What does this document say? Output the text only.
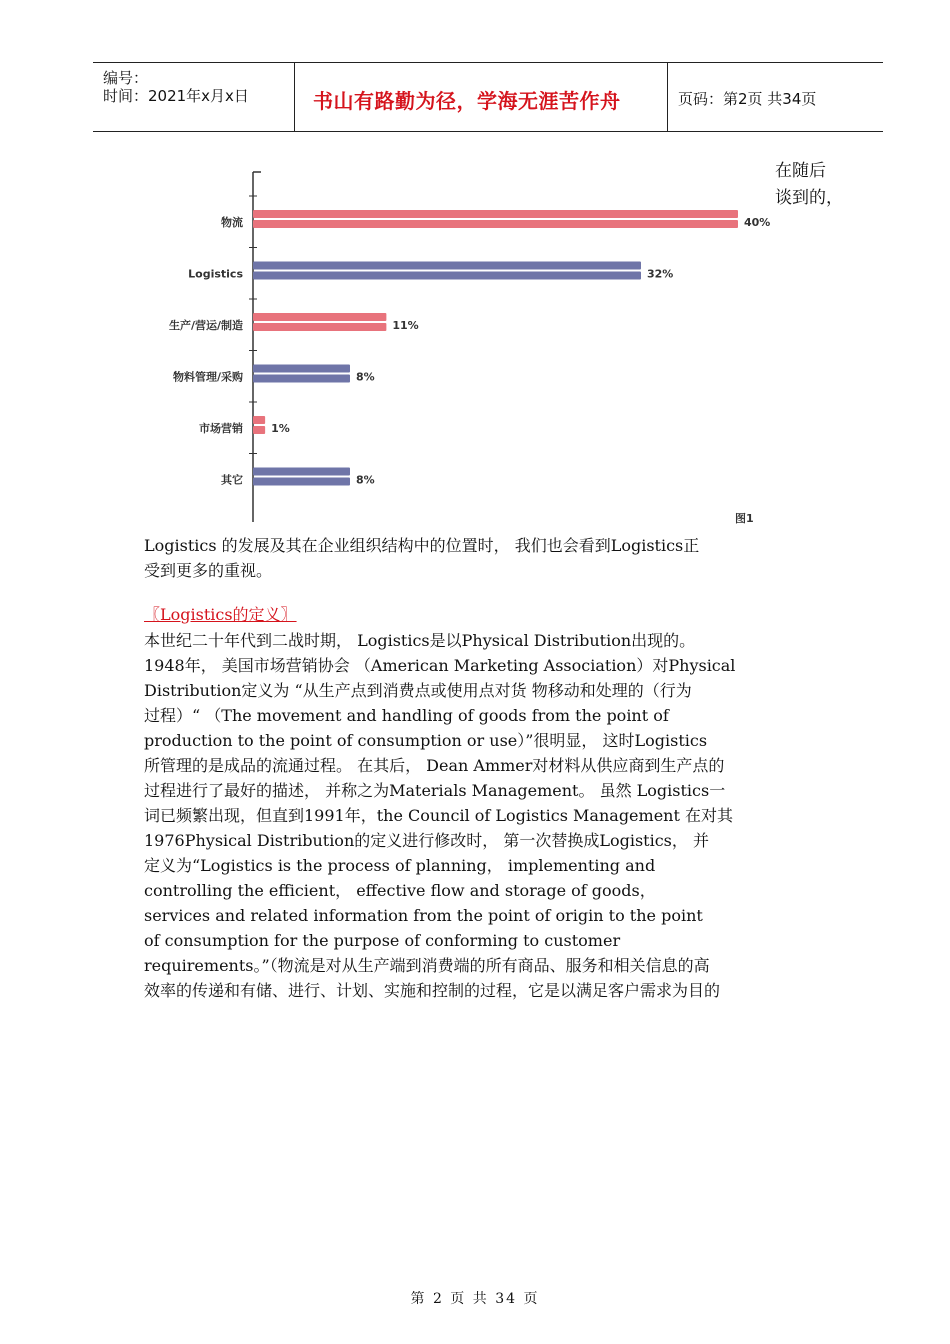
编号：
时间：2021年x月x日	书山有路勤为径，学海无涯苦作舟	页码：第2页 共34页
物流	40%
Logistics	32%
生产/营运/制造	11%
物料管理/采购	8%
市场营销	1%
其它	8%
图1
在随后
谈到的，
Logistics 的发展及其在企业组织结构中的位置时， 我们也会看到Logistics正
受到更多的重视。
〖Logistics的定义〗
本世纪二十年代到二战时期， Logistics是以Physical Distribution出现的。
1948年， 美国市场营销协会 （American Marketing Association）对Physical
Distribution定义为 “从生产点到消费点或使用点对货 物移动和处理的（行为
过程）“ （The movement and handling of goods from the point of
production to the point of consumption or use）”很明显， 这时Logistics
所管理的是成品的流通过程。 在其后， Dean Ammer对材料从供应商到生产点的
过程进行了最好的描述， 并称之为Materials Management。 虽然 Logistics一
词已频繁出现，但直到1991年，the Council of Logistics Management 在对其
1976Physical Distribution的定义进行修改时， 第一次替换成Logistics， 并
定义为“Logistics is the process of planning， implementing and
controlling the efficient， effective flow and storage of goods，
services and related information from the point of origin to the point
of consumption for the purpose of conforming to customer
requirements。”（物流是对从生产端到消费端的所有商品、服务和相关信息的高
效率的传递和有储、进行、计划、实施和控制的过程，它是以满足客户需求为目的
第 2 页 共 34 页
